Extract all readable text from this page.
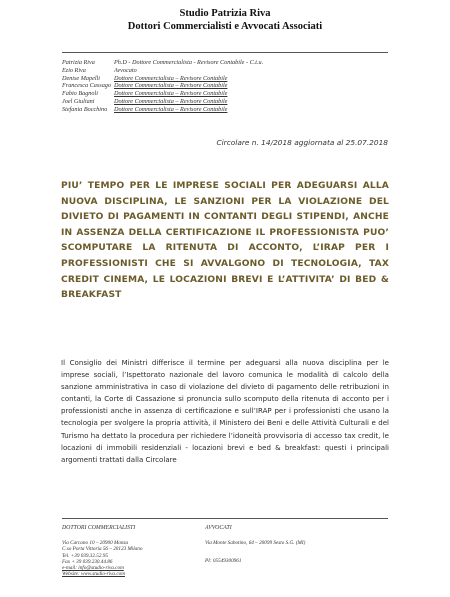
Studio Patrizia Riva
Dottori Commercialisti e Avvocati Associati
Patrizia Riva	Ph.D - Dottore Commercialista - Revisore Contabile - C.t.u.
Ezio Riva	Avvocato
Denise Mapelli	Dottore Commercialista – Revisore Contabile
Francesca Cassago Dottore Commercialista – Revisore Contabile
Fabio Bagnoli	Dottore Commercialista – Revisore Contabile
Joel Giuliani	Dottore Commercialista – Revisore Contabile
Stefania Bocchino	Dottore Commercialista – Revisore Contabile
Circolare n. 14/2018 aggiornata al 25.07.2018
PIU’ TEMPO PER LE IMPRESE SOCIALI PER ADEGUARSI ALLA NUOVA DISCIPLINA, LE SANZIONI PER LA VIOLAZIONE DEL DIVIETO DI PAGAMENTI IN CONTANTI DEGLI STIPENDI, ANCHE IN ASSENZA DELLA CERTIFICAZIONE IL PROFESSIONISTA PUO’ SCOMPUTARE LA RITENUTA DI ACCONTO, L’IRAP PER I PROFESSIONISTI CHE SI AVVALGONO DI TECNOLOGIA, TAX CREDIT CINEMA, LE LOCAZIONI BREVI E L’ATTIVITA’ DI BED & BREAKFAST

Il Consiglio dei Ministri differisce il termine per adeguarsi alla nuova disciplina per le imprese sociali, l’Ispettorato nazionale del lavoro comunica le modalità di calcolo della sanzione amministrativa in caso di violazione del divieto di pagamento delle retribuzioni in contanti, la Corte di Cassazione si pronuncia sullo scomputo della ritenuta di acconto per i professionisti anche in assenza di certificazione e sull’IRAP per i professionisti che usano la tecnologia per svolgere la propria attività, il Ministero dei Beni e delle Attività Culturali e del Turismo ha dettato la procedura per richiedere l’idoneità provvisoria di accesso tax credit, le locazioni di immobili residenziali - locazioni brevi e bed & breakfast: questi i principali argomenti trattati dalla Circolare

DOTTORI COMMERCIALISTI
Via Carcano 10 – 20900 Monza
C.so Porta Vittoria 56 – 20123 Milano
Tel. +39 039.32.52.95
Fax + 39 039.230.44.86
e-mail: info@studio-riva.com
Website: www.studio-riva.com
AVVOCATI
Via Monte Sabotino, 64 – 20099 Sesto S.G. (MI)
PI: 05549300961
